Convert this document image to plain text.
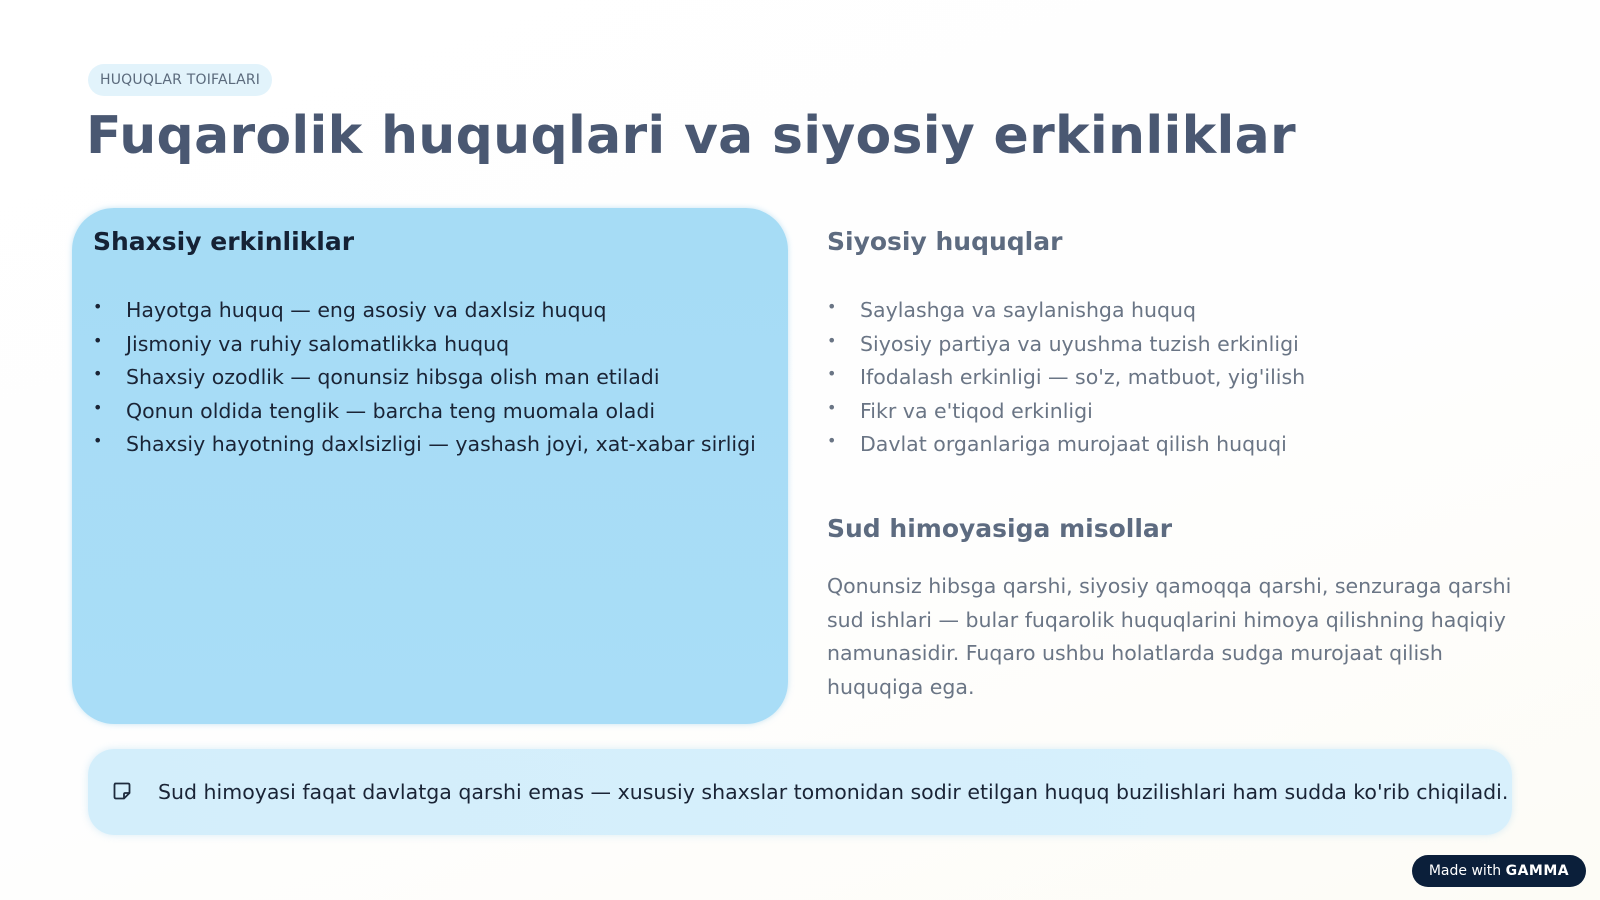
HUQUQLAR TOIFALARI
Fuqarolik huquqlari va siyosiy erkinliklar
Shaxsiy erkinliklar
• Hayotga huquq — eng asosiy va daxlsiz huquq
• Jismoniy va ruhiy salomatlikka huquq
• Shaxsiy ozodlik — qonunsiz hibsga olish man etiladi
• Qonun oldida tenglik — barcha teng muomala oladi
• Shaxsiy hayotning daxlsizligi — yashash joyi, xat-xabar sirligi
Siyosiy huquqlar
• Saylashga va saylanishga huquq
• Siyosiy partiya va uyushma tuzish erkinligi
• Ifodalash erkinligi — so'z, matbuot, yig'ilish
• Fikr va e'tiqod erkinligi
• Davlat organlariga murojaat qilish huquqi
Sud himoyasiga misollar

Qonunsiz hibsga qarshi, siyosiy qamoqqa qarshi, senzuraga qarshi sud ishlari — bular fuqarolik huquqlarini himoya qilishning haqiqiy namunasidir. Fuqaro ushbu holatlarda sudga murojaat qilish huquqiga ega.

Sud himoyasi faqat davlatga qarshi emas — xususiy shaxslar tomonidan sodir etilgan huquq buzilishlari ham sudda ko'rib chiqiladi.
Made with GAMMA
